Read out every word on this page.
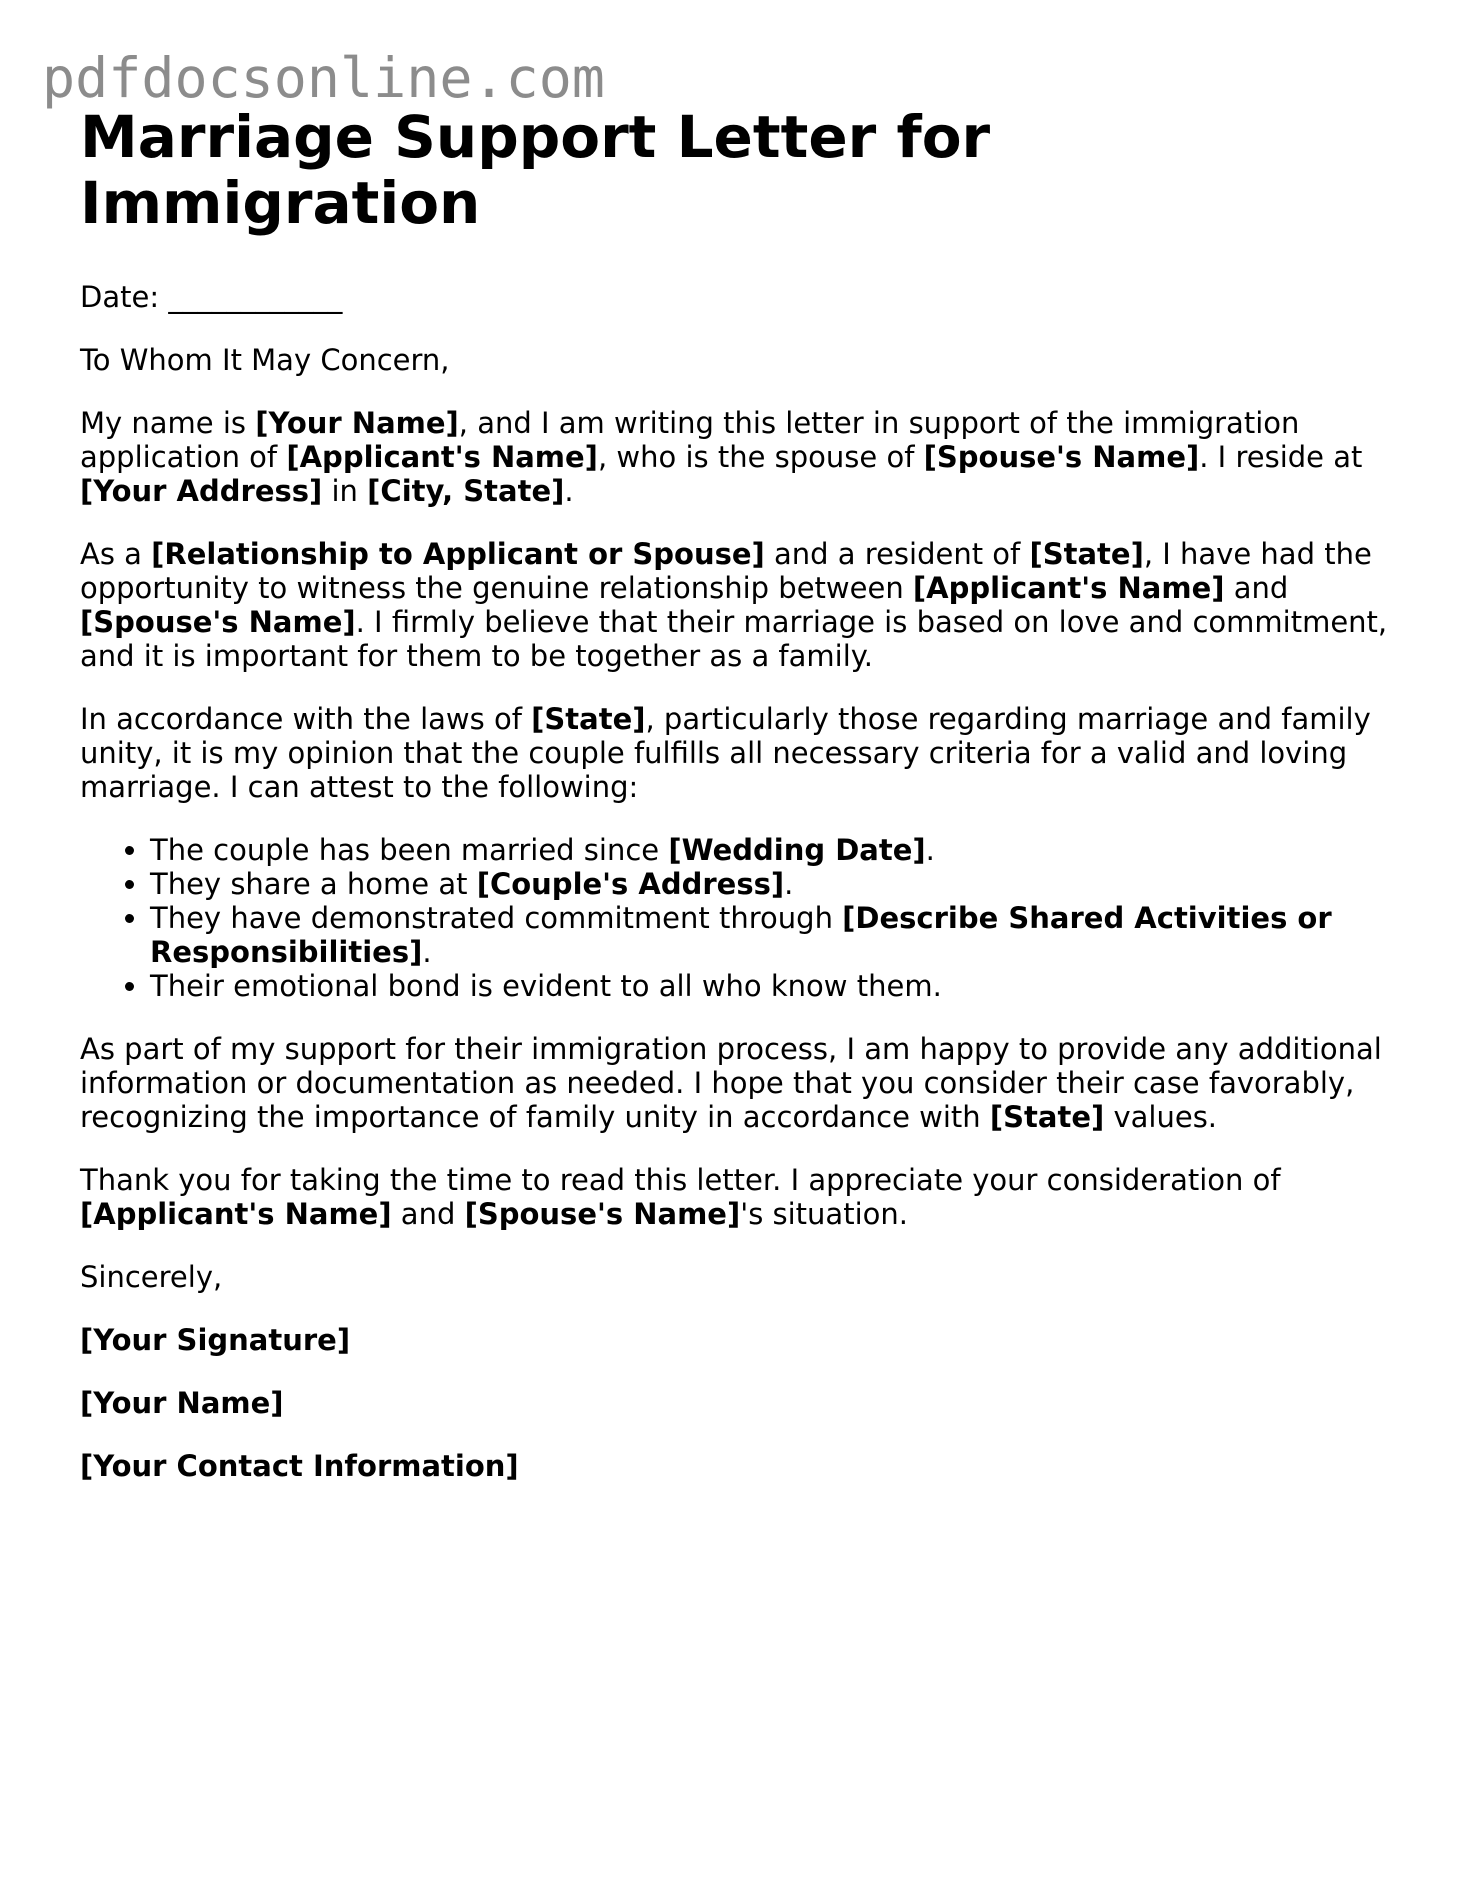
pdfdocsonline.com
Marriage Support Letter for Immigration

Date: ____________

To Whom It May Concern,

My name is [Your Name], and I am writing this letter in support of the immigration application of [Applicant's Name], who is the spouse of [Spouse's Name]. I reside at [Your Address] in [City, State].

As a [Relationship to Applicant or Spouse] and a resident of [State], I have had the opportunity to witness the genuine relationship between [Applicant's Name] and [Spouse's Name]. I firmly believe that their marriage is based on love and commitment, and it is important for them to be together as a family.

In accordance with the laws of [State], particularly those regarding marriage and family unity, it is my opinion that the couple fulfills all necessary criteria for a valid and loving marriage. I can attest to the following:

• The couple has been married since [Wedding Date].
• They share a home at [Couple's Address].
• They have demonstrated commitment through [Describe Shared Activities or Responsibilities].
• Their emotional bond is evident to all who know them.

As part of my support for their immigration process, I am happy to provide any additional information or documentation as needed. I hope that you consider their case favorably, recognizing the importance of family unity in accordance with [State] values.

Thank you for taking the time to read this letter. I appreciate your consideration of [Applicant's Name] and [Spouse's Name]'s situation.

Sincerely,

[Your Signature]

[Your Name]

[Your Contact Information]
